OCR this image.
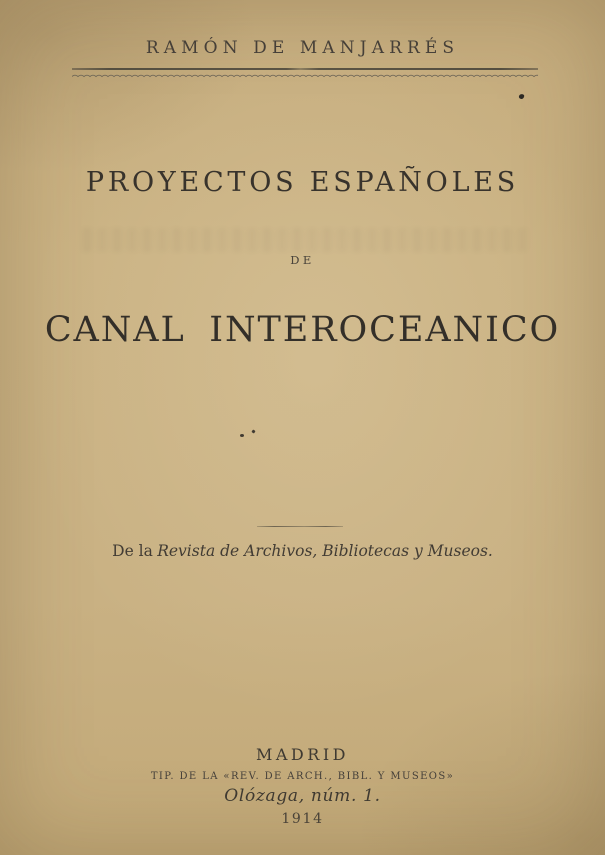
RAMÓN DE MANJARRÉS
PROYECTOS ESPAÑOLES
DE
CANAL INTEROCEANICO
De la Revista de Archivos, Bibliotecas y Museos.
MADRID
TIP. DE LA «REV. DE ARCH., BIBL. Y MUSEOS»
Olózaga, núm. 1.
1914
